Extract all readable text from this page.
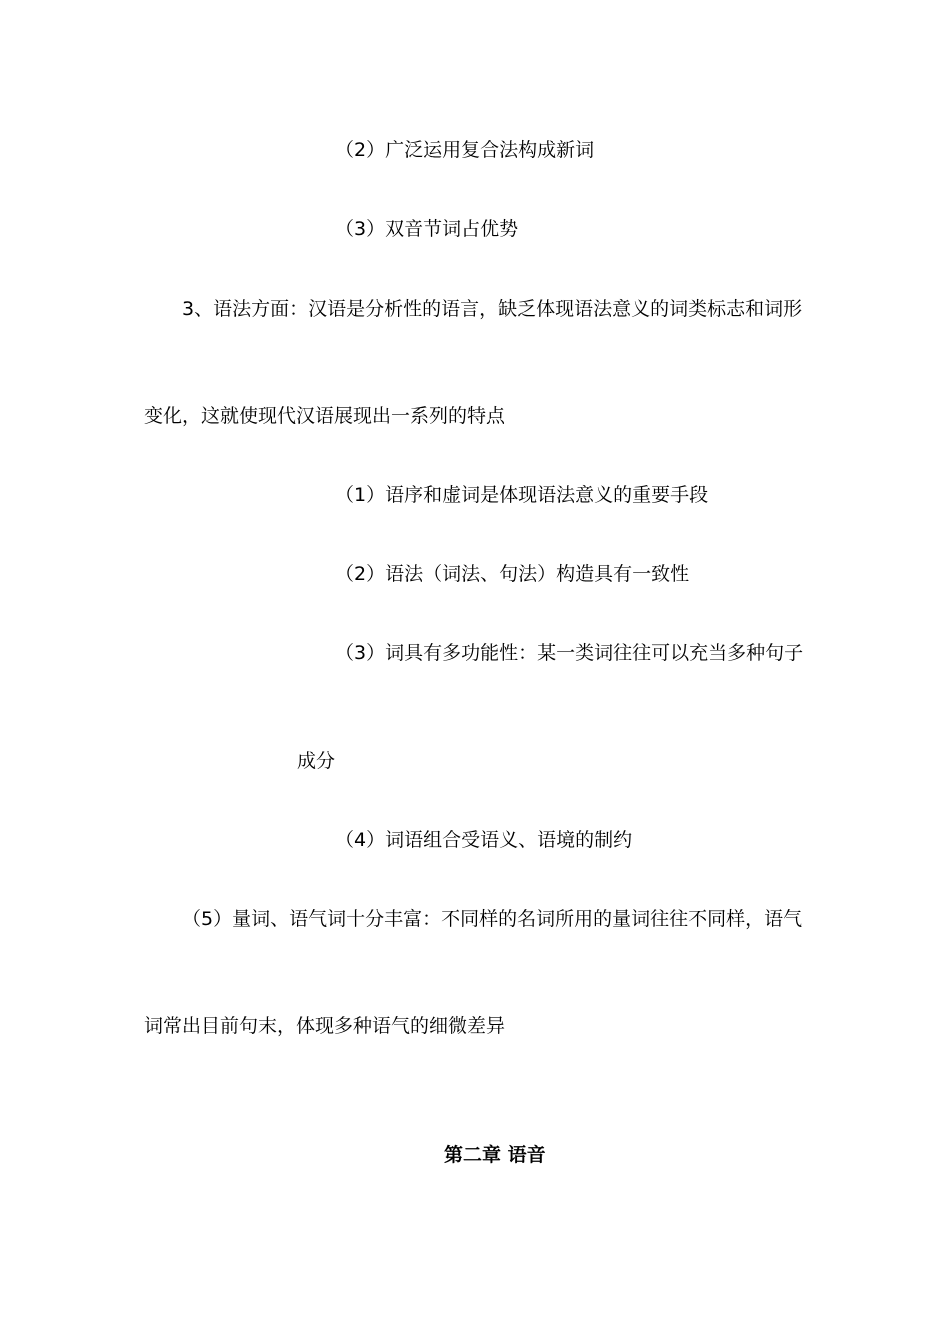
（2）广泛运用复合法构成新词

（3）双音节词占优势

3、语法方面：汉语是分析性的语言，缺乏体现语法意义的词类标志和词形

变化，这就使现代汉语展现出一系列的特点

（1）语序和虚词是体现语法意义的重要手段

（2）语法（词法、句法）构造具有一致性

（3）词具有多功能性：某一类词往往可以充当多种句子

成分

（4）词语组合受语义、语境的制约

（5）量词、语气词十分丰富：不同样的名词所用的量词往往不同样，语气

词常出目前句末，体现多种语气的细微差异

第二章 语音
